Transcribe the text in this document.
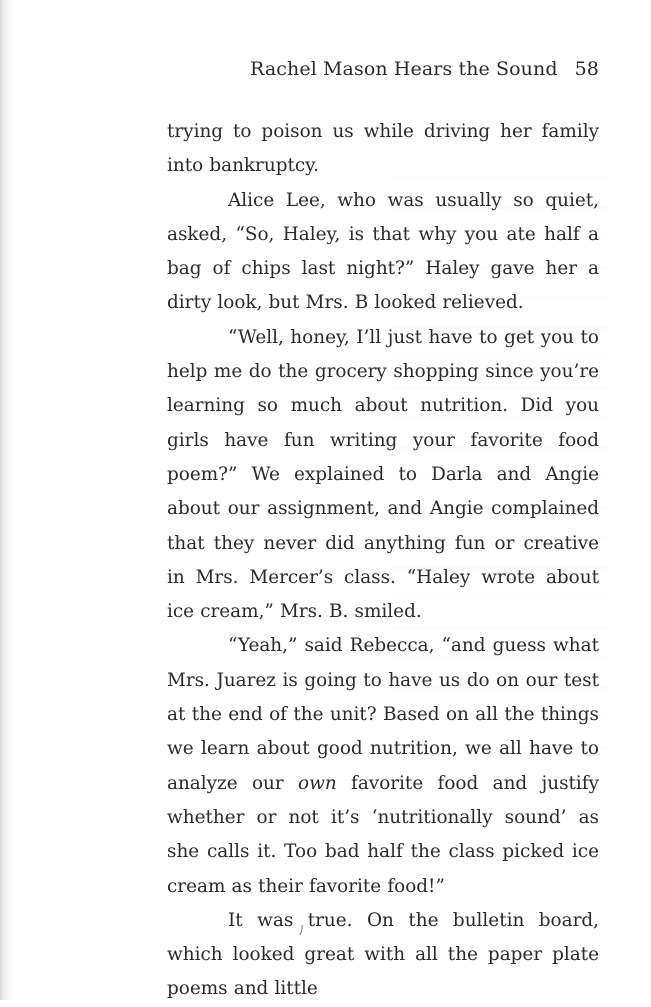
Rachel Mason Hears the Sound 58

trying to poison us while driving her family into bankruptcy.

Alice Lee, who was usually so quiet, asked, “So, Haley, is that why you ate half a bag of chips last night?” Haley gave her a dirty look, but Mrs. B looked relieved.

“Well, honey, I’ll just have to get you to help me do the grocery shopping since you’re learning so much about nutrition. Did you girls have fun writing your favorite food poem?” We explained to Darla and Angie about our assignment, and Angie complained that they never did anything fun or creative in Mrs. Mercer’s class. “Haley wrote about ice cream,” Mrs. B. smiled.

“Yeah,” said Rebecca, “and guess what Mrs. Juarez is going to have us do on our test at the end of the unit? Based on all the things we learn about good nutrition, we all have to analyze our own favorite food and justify whether or not it’s ‘nutritionally sound’ as she calls it. Too bad half the class picked ice cream as their favorite food!”

It was true. On the bulletin board, which looked great with all the paper plate poems and little
